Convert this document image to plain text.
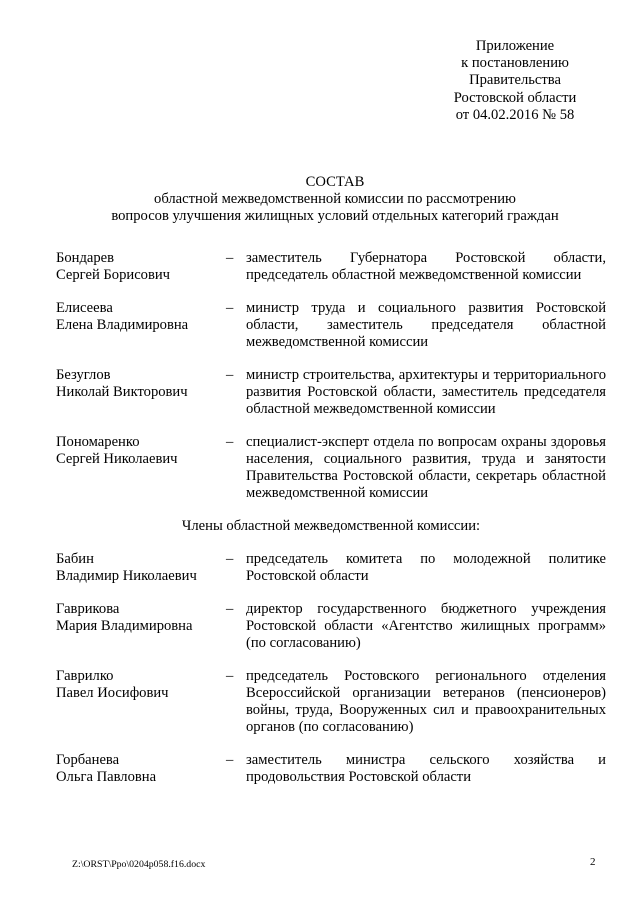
Приложение
к постановлению
Правительства
Ростовской области
от 04.02.2016 № 58
СОСТАВ
областной межведомственной комиссии по рассмотрению
вопросов улучшения жилищных условий отдельных категорий граждан
Бондарев
Сергей Борисович
– заместитель Губернатора Ростовской области, председатель областной межведомственной комиссии
Елисеева
Елена Владимировна
– министр труда и социального развития Ростовской области, заместитель председателя областной межведомственной комиссии
Безуглов
Николай Викторович
– министр строительства, архитектуры и территориального развития Ростовской области, заместитель председателя областной межведомственной комиссии
Пономаренко
Сергей Николаевич
– специалист-эксперт отдела по вопросам охраны здоровья населения, социального развития, труда и занятости Правительства Ростовской области, секретарь областной межведомственной комиссии
Члены областной межведомственной комиссии:
Бабин
Владимир Николаевич
– председатель комитета по молодежной политике Ростовской области
Гаврикова
Мария Владимировна
– директор государственного бюджетного учреждения Ростовской области «Агентство жилищных программ» (по согласованию)
Гаврилко
Павел Иосифович
– председатель Ростовского регионального отделения Всероссийской организации ветеранов (пенсионеров) войны, труда, Вооруженных сил и правоохранительных органов (по согласованию)
Горбанева
Ольга Павловна
– заместитель министра сельского хозяйства и продовольствия Ростовской области
Z:\ORST\Ppo\0204p058.f16.docx	2
